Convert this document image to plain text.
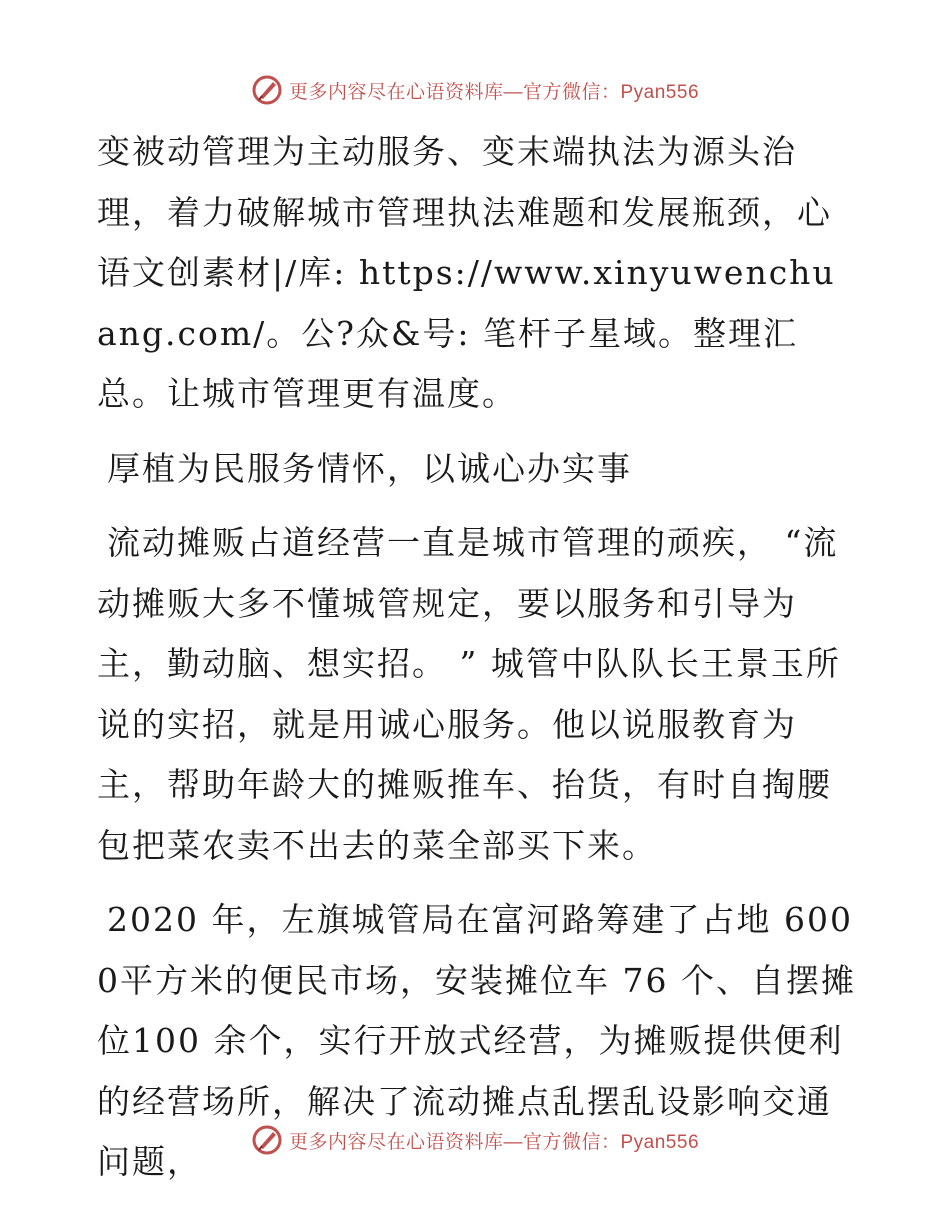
更多内容尽在心语资料库—官方微信：Pyan556

变被动管理为主动服务、变末端执法为源头治理，着力破解城市管理执法难题和发展瓶颈，心语文创素材|/库: https://www.xinyuwenchuang.com/。公?众&号: 笔杆子星域。整理汇总。让城市管理更有温度。

厚植为民服务情怀，以诚心办实事

流动摊贩占道经营一直是城市管理的顽疾， “流动摊贩大多不懂城管规定，要以服务和引导为主，勤动脑、想实招。 ” 城管中队队长王景玉所说的实招，就是用诚心服务。他以说服教育为主，帮助年龄大的摊贩推车、抬货，有时自掏腰包把菜农卖不出去的菜全部买下来。

2020 年，左旗城管局在富河路筹建了占地 6000平方米的便民市场，安装摊位车 76 个、自摆摊位100 余个，实行开放式经营，为摊贩提供便利的经营场所，解决了流动摊点乱摆乱设影响交通问题，	更多内容尽在心语资料库—官方微信：Pyan556
